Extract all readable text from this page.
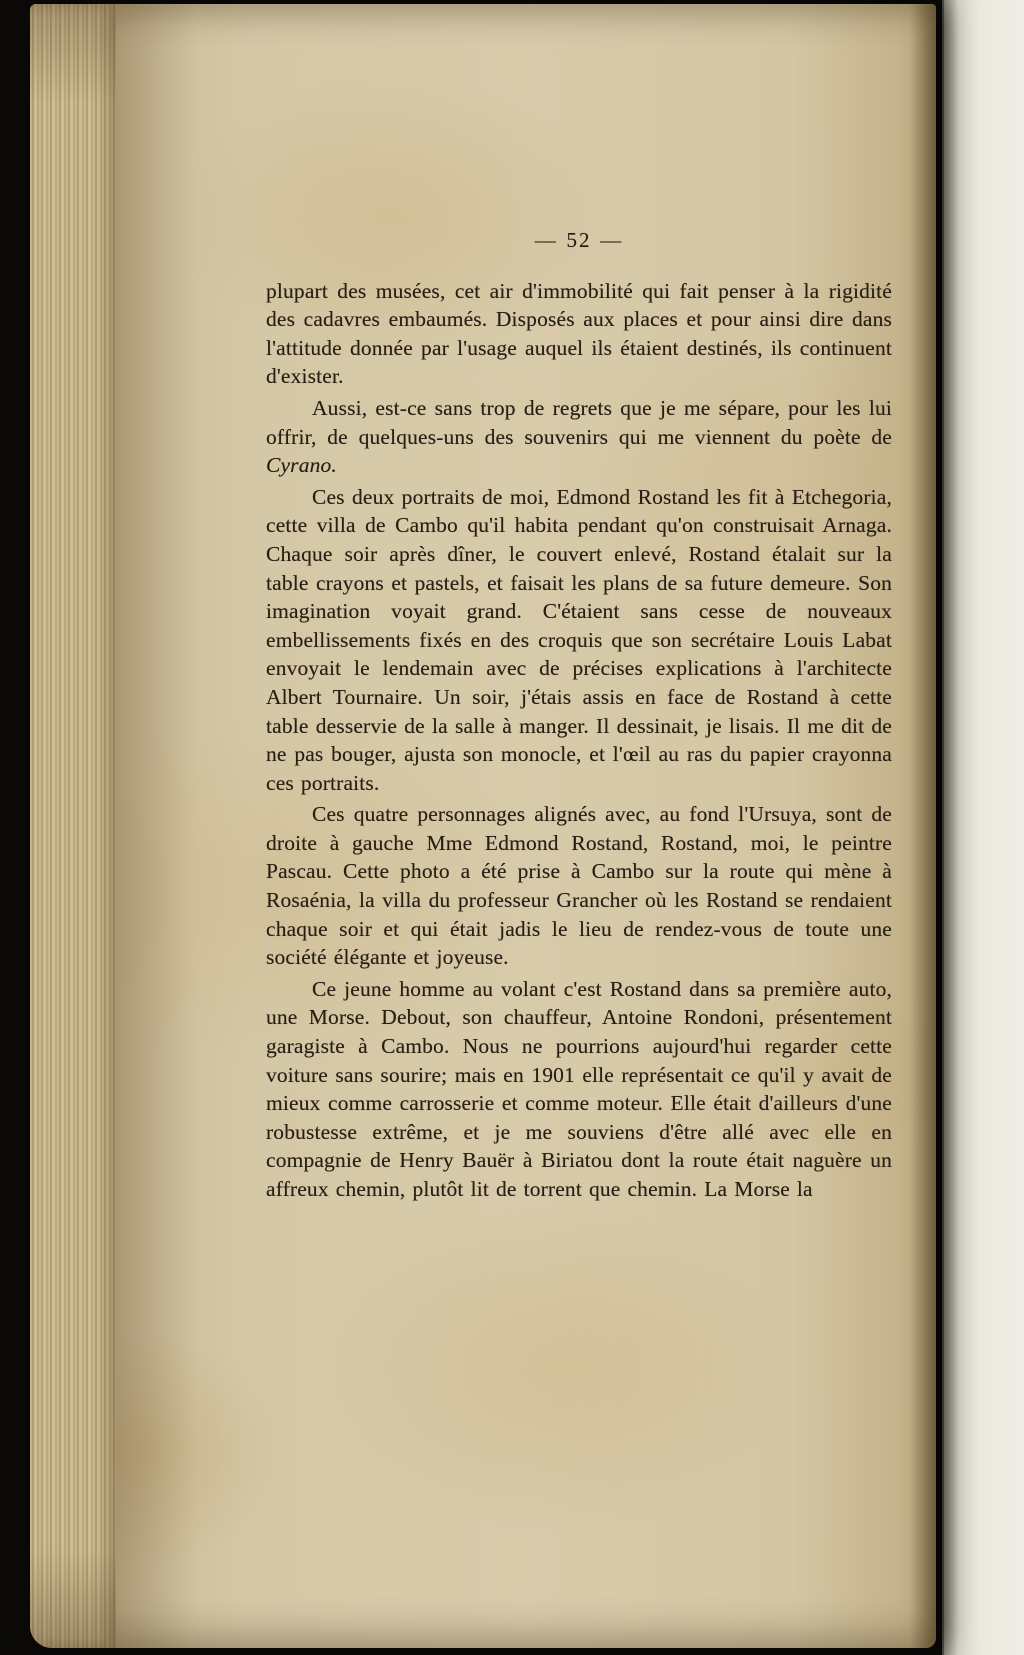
— 52 —

plupart des musées, cet air d'immobilité qui fait penser à la rigidité des cadavres embaumés. Disposés aux places et pour ainsi dire dans l'attitude donnée par l'usage auquel ils étaient destinés, ils continuent d'exister.

Aussi, est-ce sans trop de regrets que je me sépare, pour les lui offrir, de quelques-uns des souvenirs qui me viennent du poète de Cyrano.

Ces deux portraits de moi, Edmond Rostand les fit à Etchegoria, cette villa de Cambo qu'il habita pendant qu'on construisait Arnaga. Chaque soir après dîner, le couvert enlevé, Rostand étalait sur la table crayons et pastels, et faisait les plans de sa future demeure. Son imagination voyait grand. C'étaient sans cesse de nouveaux embellissements fixés en des croquis que son secrétaire Louis Labat envoyait le lendemain avec de précises explications à l'architecte Albert Tournaire. Un soir, j'étais assis en face de Rostand à cette table desservie de la salle à manger. Il dessinait, je lisais. Il me dit de ne pas bouger, ajusta son monocle, et l'œil au ras du papier crayonna ces portraits.

Ces quatre personnages alignés avec, au fond l'Ursuya, sont de droite à gauche Mme Edmond Rostand, Rostand, moi, le peintre Pascau. Cette photo a été prise à Cambo sur la route qui mène à Rosaénia, la villa du professeur Grancher où les Rostand se rendaient chaque soir et qui était jadis le lieu de rendez-vous de toute une société élégante et joyeuse.

Ce jeune homme au volant c'est Rostand dans sa première auto, une Morse. Debout, son chauffeur, Antoine Rondoni, présentement garagiste à Cambo. Nous ne pourrions aujourd'hui regarder cette voiture sans sourire; mais en 1901 elle représentait ce qu'il y avait de mieux comme carrosserie et comme moteur. Elle était d'ailleurs d'une robustesse extrême, et je me souviens d'être allé avec elle en compagnie de Henry Bauër à Biriatou dont la route était naguère un affreux chemin, plutôt lit de torrent que chemin. La Morse la
